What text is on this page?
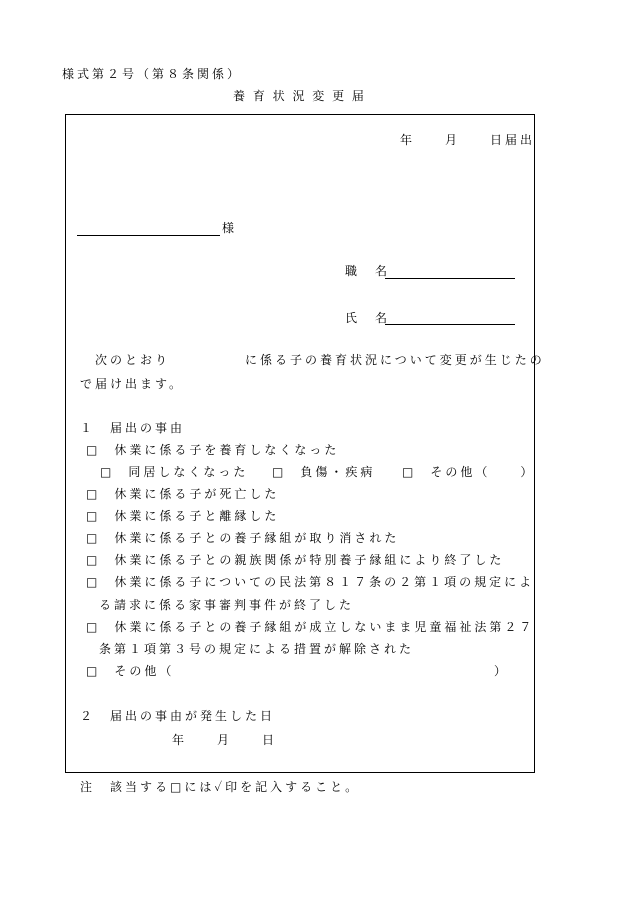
様式第２号（第８条関係）
養 育 状 況 変 更 届
年　　月　　日届出
様
職　名
氏　名
次のとおり　　　　　に係る子の養育状況について変更が生じたの
で届け出ます。
１　届出の事由
□ 休業に係る子を養育しなくなった
□ 同居しなくなった □ 負傷・疾病 □ その他（　　）
□ 休業に係る子が死亡した
□ 休業に係る子と離縁した
□ 休業に係る子との養子縁組が取り消された
□ 休業に係る子との親族関係が特別養子縁組により終了した
□ 休業に係る子についての民法第８１７条の２第１項の規定によ
る請求に係る家事審判事件が終了した
□ 休業に係る子との養子縁組が成立しないまま児童福祉法第２７
条第１項第３号の規定による措置が解除された
□ その他（	）
２　届出の事由が発生した日
年　　月　　日
注　該当する□には✓印を記入すること。
